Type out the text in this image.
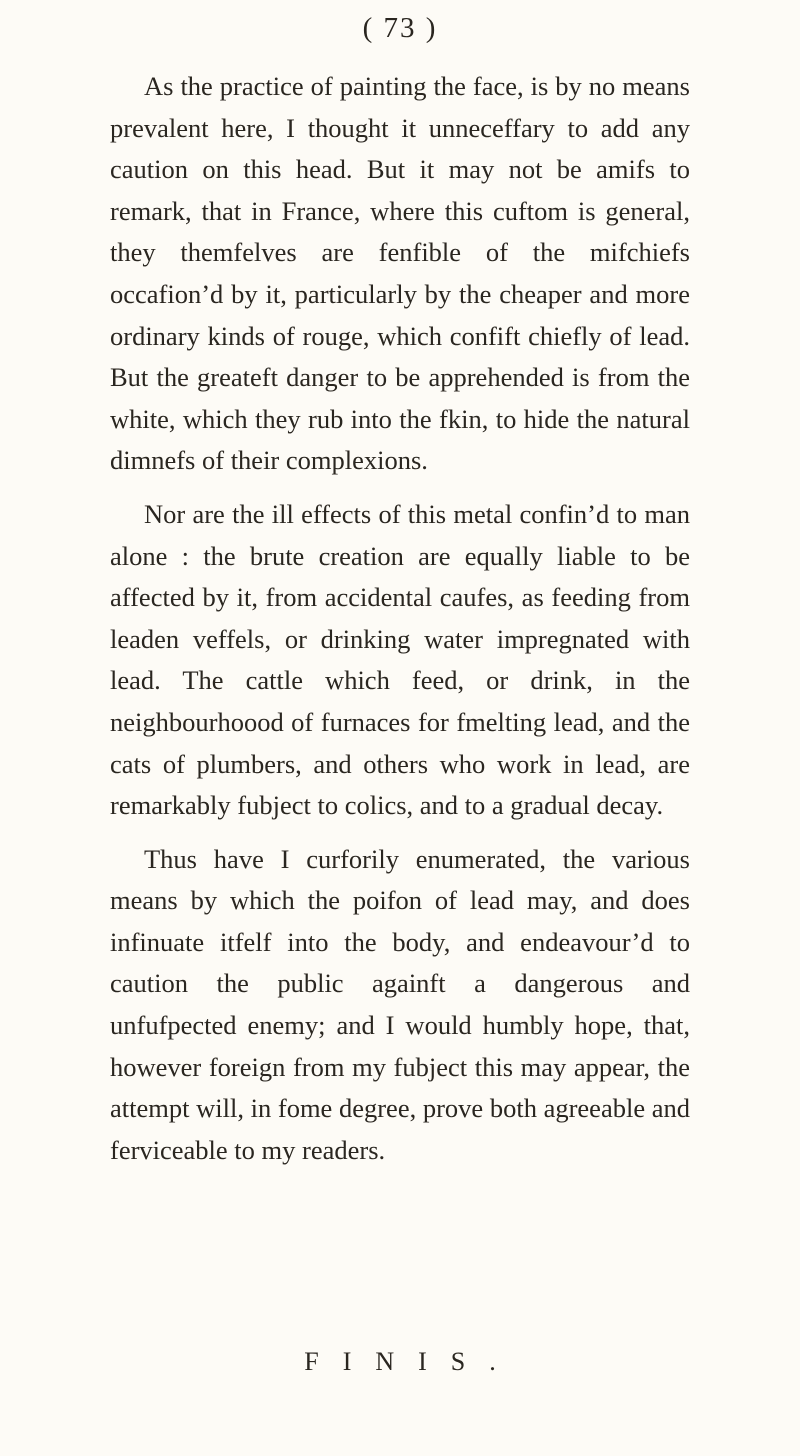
( 73 )

As the practice of painting the face, is by no means prevalent here, I thought it unneceffary to add any caution on this head. But it may not be amifs to remark, that in France, where this cuftom is general, they themfelves are fenfible of the mifchiefs occafion’d by it, particularly by the cheaper and more ordinary kinds of rouge, which confift chiefly of lead. But the greateft danger to be apprehended is from the white, which they rub into the fkin, to hide the natural dimnefs of their complexions.

Nor are the ill effects of this metal confin’d to man alone : the brute creation are equally liable to be affected by it, from accidental caufes, as feeding from leaden veffels, or drinking water impregnated with lead. The cattle which feed, or drink, in the neighbourhoood of furnaces for fmelting lead, and the cats of plumbers, and others who work in lead, are remarkably fubject to colics, and to a gradual decay.

Thus have I curforily enumerated, the various means by which the poifon of lead may, and does infinuate itfelf into the body, and endeavour’d to caution the public againft a dangerous and unfufpected enemy; and I would humbly hope, that, however foreign from my fubject this may appear, the attempt will, in fome degree, prove both agreeable and ferviceable to my readers.

FINIS.
